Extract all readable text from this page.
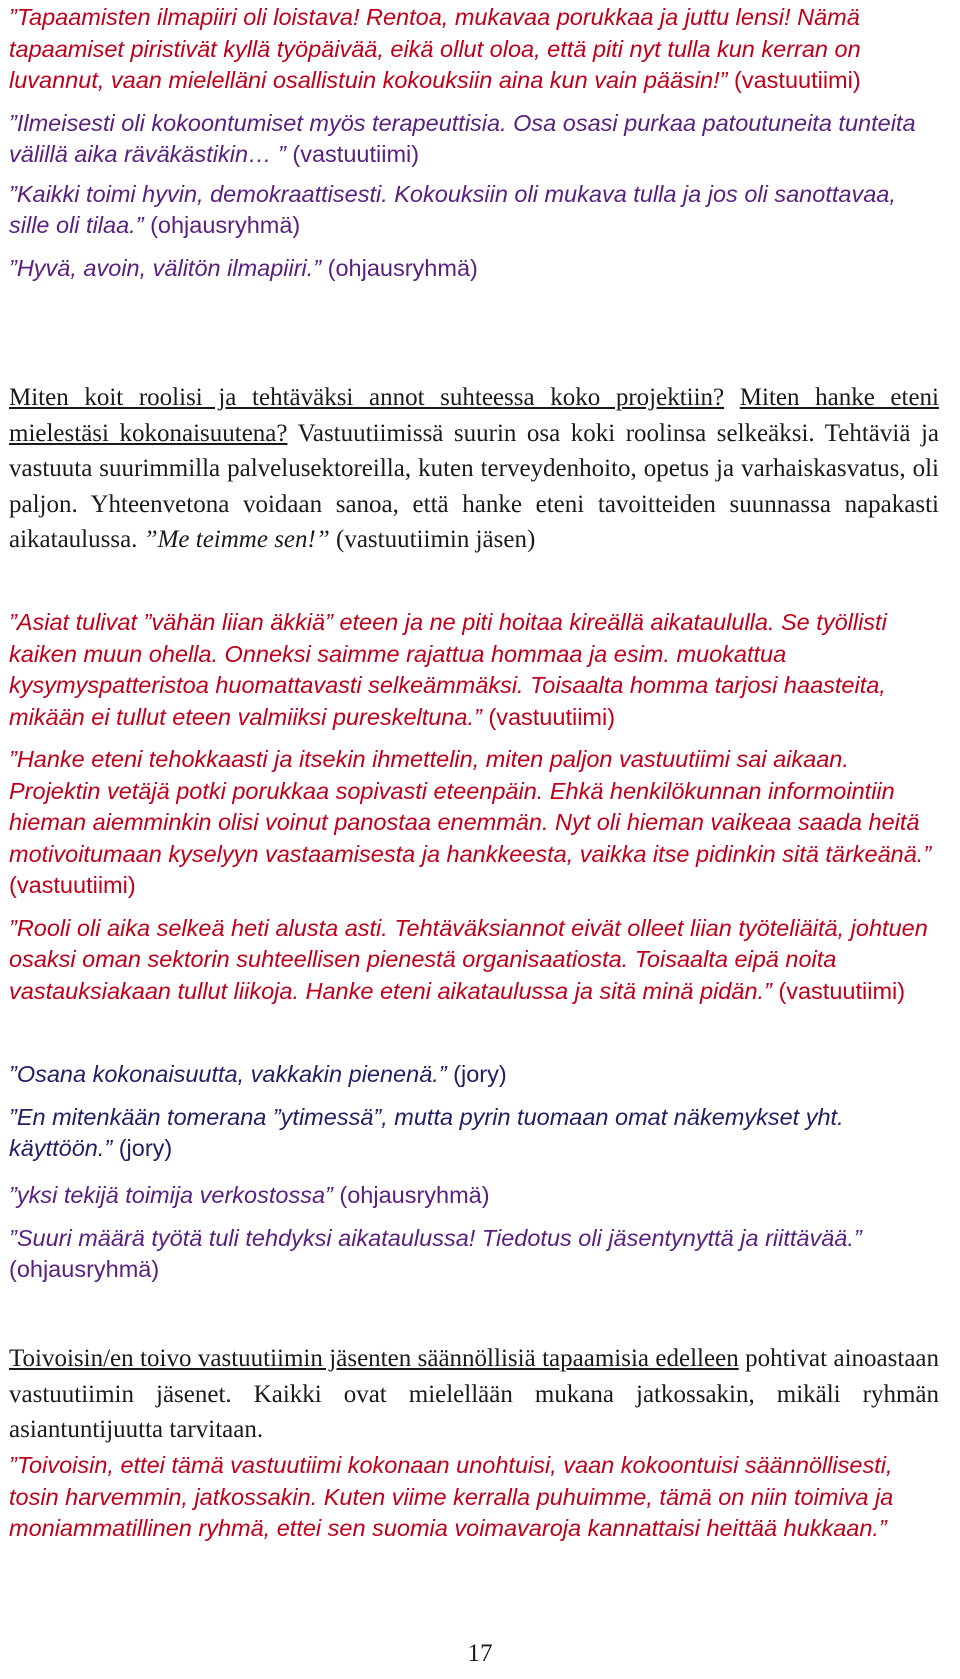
”Tapaamisten ilmapiiri oli loistava! Rentoa, mukavaa porukkaa ja juttu lensi! Nämä tapaamiset piristivät kyllä työpäivää, eikä ollut oloa, että piti nyt tulla kun kerran on luvannut, vaan mielelläni osallistuin kokouksiin aina kun vain pääsin!” (vastuutiimi)

”Ilmeisesti oli kokoontumiset myös terapeuttisia. Osa osasi purkaa patoutuneita tunteita välillä aika räväkästikin… ” (vastuutiimi)

”Kaikki toimi hyvin, demokraattisesti. Kokouksiin oli mukava tulla ja jos oli sanottavaa, sille oli tilaa.” (ohjausryhmä)

”Hyvä, avoin, välitön ilmapiiri.” (ohjausryhmä)

Miten koit roolisi ja tehtäväksi annot suhteessa koko projektiin? Miten hanke eteni mielestäsi kokonaisuutena? Vastuutiimissä suurin osa koki roolinsa selkeäksi. Tehtäviä ja vastuuta suurimmilla palvelusektoreilla, kuten terveydenhoito, opetus ja varhaiskasvatus, oli paljon. Yhteenvetona voidaan sanoa, että hanke eteni tavoitteiden suunnassa napakasti aikataulussa. ”Me teimme sen!” (vastuutiimin jäsen)

”Asiat tulivat ”vähän liian äkkiä” eteen ja ne piti hoitaa kireällä aikataululla. Se työllisti kaiken muun ohella. Onneksi saimme rajattua hommaa ja esim. muokattua kysymyspatteristoa huomattavasti selkeämmäksi. Toisaalta homma tarjosi haasteita, mikään ei tullut eteen valmiiksi pureskeltuna.” (vastuutiimi)

”Hanke eteni tehokkaasti ja itsekin ihmettelin, miten paljon vastuutiimi sai aikaan. Projektin vetäjä potki porukkaa sopivasti eteenpäin. Ehkä henkilökunnan informointiin hieman aiemminkin olisi voinut panostaa enemmän. Nyt oli hieman vaikeaa saada heitä motivoitumaan kyselyyn vastaamisesta ja hankkeesta, vaikka itse pidinkin sitä tärkeänä.” (vastuutiimi)

”Rooli oli aika selkeä heti alusta asti. Tehtäväksiannot eivät olleet liian työteliäitä, johtuen osaksi oman sektorin suhteellisen pienestä organisaatiosta. Toisaalta eipä noita vastauksiakaan tullut liikoja. Hanke eteni aikataulussa ja sitä minä pidän.” (vastuutiimi)

”Osana kokonaisuutta, vakkakin pienenä.” (jory)

”En mitenkään tomerana ”ytimessä”, mutta pyrin tuomaan omat näkemykset yht. käyttöön.” (jory)

”yksi tekijä toimija verkostossa” (ohjausryhmä)

”Suuri määrä työtä tuli tehdyksi aikataulussa! Tiedotus oli jäsentynyttä ja riittävää.” (ohjausryhmä)

Toivoisin/en toivo vastuutiimin jäsenten säännöllisiä tapaamisia edelleen pohtivat ainoastaan vastuutiimin jäsenet. Kaikki ovat mielellään mukana jatkossakin, mikäli ryhmän asiantuntijuutta tarvitaan.

”Toivoisin, ettei tämä vastuutiimi kokonaan unohtuisi, vaan kokoontuisi säännöllisesti, tosin harvemmin, jatkossakin. Kuten viime kerralla puhuimme, tämä on niin toimiva ja moniammatillinen ryhmä, ettei sen suomia voimavaroja kannattaisi heittää hukkaan.”

17
